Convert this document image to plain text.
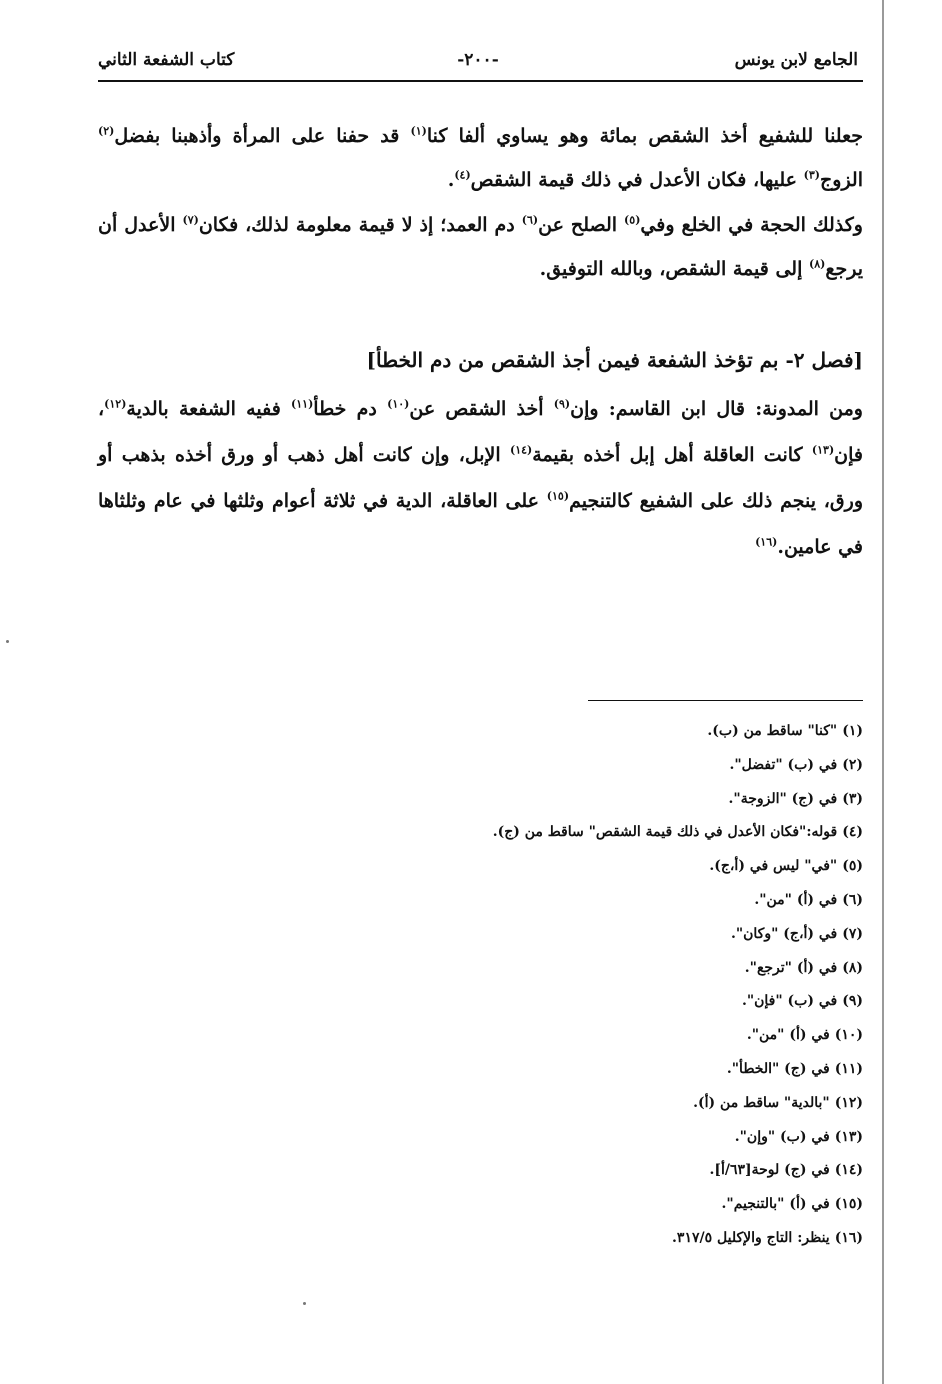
الجامع لابن يونس
-٢٠٠-
كتاب الشفعة الثاني

جعلنا للشفيع أخذ الشقص بمائة وهو يساوي ألفا كنا$^{(١)}$ قد حفنا على المرأة وأذهبنا بفضل$^{(٢)}$ الزوج$^{(٣)}$ عليها، فكان الأعدل في ذلك قيمة الشقص$^{(٤)}$.

وكذلك الحجة في الخلع وفي$^{(٥)}$ الصلح عن$^{(٦)}$ دم العمد؛ إذ لا قيمة معلومة لذلك، فكان$^{(٧)}$ الأعدل أن يرجع$^{(٨)}$ إلى قيمة الشقص، وبالله التوفيق.

[فصل ٢- بم تؤخذ الشفعة فيمن أجذ الشقص من دم الخطأ]

ومن المدونة: قال ابن القاسم: وإن$^{(٩)}$ أخذ الشقص عن$^{(١٠)}$ دم خطأ$^{(١١)}$ ففيه الشفعة بالدية$^{(١٢)}$، فإن$^{(١٣)}$ كانت العاقلة أهل إبل أخذه بقيمة$^{(١٤)}$ الإبل، وإن كانت أهل ذهب أو ورق أخذه بذهب أو ورق، ينجم ذلك على الشفيع كالتنجيم$^{(١٥)}$ على العاقلة، الدية في ثلاثة أعوام وثلثها في عام وثلثاها في عامين.$^{(١٦)}$

(١)"كنا" ساقط من (ب).
(٢)في (ب) "تفضل".
(٣)في (ج) "الزوجة".
(٤)قوله:"فكان الأعدل في ذلك قيمة الشقص" ساقط من (ج).
(٥)"في" ليس في (أ،ج).
(٦)في (أ) "من".
(٧)في (أ،ج) "وكان".
(٨)في (أ) "ترجع".
(٩)في (ب) "فإن".
(١٠)في (أ) "من".
(١١)في (ج) "الخطأ".
(١٢)"بالدية" ساقط من (أ).
(١٣)في (ب) "وإن".
(١٤)في (ج) لوحة[٦٣/أ].
(١٥)في (أ) "بالتنجيم".
(١٦)ينظر: التاج والإكليل ٣١٧/٥.
